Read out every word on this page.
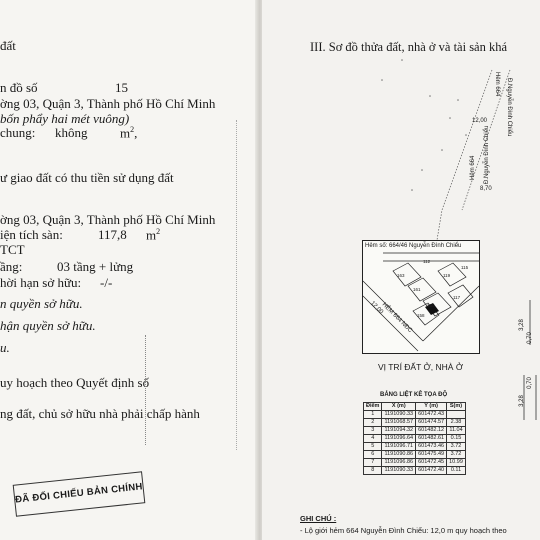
đất
n đồ số	15
ờng 03, Quận 3, Thành phố Hồ Chí Minh
bốn phẩy hai mét vuông)
chung: không	$m^2$,
ư giao đất có thu tiền sử dụng đất
ờng 03, Quận 3, Thành phố Hồ Chí Minh
iện tích sàn:	117,8 $m^2$
TCT
ầng:	03 tầng + lửng
hời hạn sở hữu: -/-
n quyền sở hữu.
hận quyền sở hữu.
u.
uy hoạch theo Quyết định số
ng đất, chủ sở hữu nhà phải chấp hành
ĐÃ ĐỐI CHIẾU BẢN CHÍNH
III. Sơ đồ thửa đất, nhà ở và tài sản khá
Hẻm 664 Đ.Nguyễn Đình Chiểu
12,00
8,70
Hẻm 664 Đ.Nguyễn Đình Chiểu
3,28
0,70
3,28
0,70
Hẻm số: 664/46 Nguyễn Đình Chiểu
163
161
160
119
117
158
115
112
HẺM 664 NĐC
12,00
VỊ TRÍ ĐẤT Ở, NHÀ Ở
BẢNG LIỆT KÊ TỌA ĐỘ
Điểm	X (m)	Y (m)	S(m)
1	1191090.33	601472.43	
2	1191068.57	601474.57	2.38
3	1191094.32	601482.12	11.04
4	1191096.64	601482.61	0.15
5	1191096.71	601473.46	3.72
6	1191090.86	601475.49	3.72
7	1191096.86	601472.45	10.99
8	1191090.33	601472.40	0.11
GHI CHÚ :
- Lộ giới hẻm 664 Nguyễn Đình Chiểu: 12,0 m quy hoạch theo
